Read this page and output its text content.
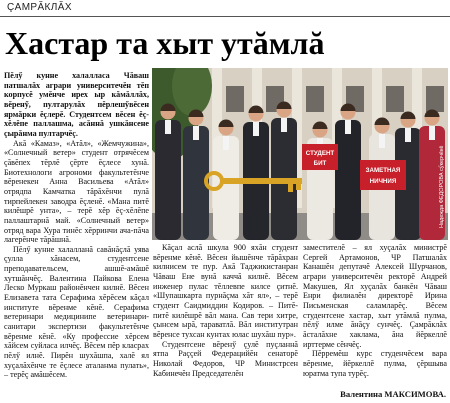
ÇАМРĂКЛĂХ
Хастар та хыт утăмлă

Пĕлӳ кунне халалласа Чăваш патшалăх аграри университечĕн тĕп корпусĕ умĕнче ирех ыр кăмăллăх, вĕренӳ, пултарулăх пĕрлешӳвĕсен ярмăрки ĕçлерĕ. Студентсем вĕсен ĕç-хĕлĕпе паллашма, асăннă ушкăнсене çырăнма пултарчĕç.

Акă «Камаз», «Атăл», «Жемчужина», «Солнечный ветер» студент отрячĕсем çăвĕпех тĕрлĕ çĕрте ĕçлесе хунă. Биотехнологи агрономи факультетĕнче вĕренекен Анна Васильева «Атăл» отрядпа Камчатка тăрăхĕнчи пулă тирпейлекен заводра ĕçленĕ. «Мана питĕ килĕшрĕ унта», – терĕ хĕр ĕç-хĕлĕпе паллаштарнă май. «Солнечный ветер» отряд вара Хура тинĕс хĕрринчи ача-пăча лагерĕнче тăрăшнă.

Пĕлӳ кунне халалланă савăнăçлă уява çулла хăнасем, студентсене преподавательсем, ашшĕ-амăшĕ хутшăнчĕç. Валентина Пайкова Елена Леско Муркаш районĕнчен килнĕ. Вĕсен Елизавета тата Серафима хĕрĕсем кăçал институте вĕренме кĕнĕ. Серафима ветеринари медицинипе ветеринари-санитари экспертизи факультетĕнче вĕренме кĕнĕ. «Ку профессие хĕрсем хăйсем суйласа илчĕç. Вĕсем пĕр класрах пĕлӳ илнĕ. Пирĕн шухăшпа, халĕ ял хуçалăхĕнче те ĕçлесе аталанма пулать», – терĕç амăшĕсем.

СТУДЕНТ
БИТ
ЗАМЕТНАЯ
НИЧНИЯ	Надежда ФЕДОРОВА сӳкерчĕкĕ

Кăçал аслă шкула 900 яхăн студент вĕренме кĕнĕ. Вĕсен йышĕнче тăрăхран килнисем те пур. Акă Таджикистанран Чăваш Ене вунă каччă килнĕ. Вĕсем инженер пулас тĕллевпе килсе çитнĕ. «Шупашкарта пурнăçма хăт ял», – терĕ студент Саидмиддин Кодиров. – Питĕ-питĕ килĕшрĕ вăл мана. Сав тери хитре, çынсем ырă, тараватлă. Вăл институтран вĕренсе тухсан кунтах юлас шухăш пур».

Студентсене вĕренӳ çулĕ пуçланнă ятпа Раççей Федерацийĕн сенаторĕ Николай Федоров, ЧР Министрсен Кабинечĕн Председателĕн

заместителĕ – ял хуçалăх министрĕ Сергей Артамонов, ЧР Патшалăх Канашĕн депутачĕ Алексей Шурчанов, аграри университечĕн ректорĕ Андрей Макушев, Ял хуçалăх банкĕн Чăваш Енри филиалĕн директорĕ Ирина Письменская саламларĕç. Вĕсем студентсене хастар, хыт утăмлă пулма, пĕлӳ илме ăнăçу сунчĕç. Çамрăклăх ăсталăхне хаклама, ăна йĕркеллĕ ирттерме сĕнчĕç.

Пĕрремĕш курс студенчĕсем вара вĕренме, йĕркеллĕ пулма, çĕршыва юратма тупа турĕç.

Валентина МАКСИМОВА.
